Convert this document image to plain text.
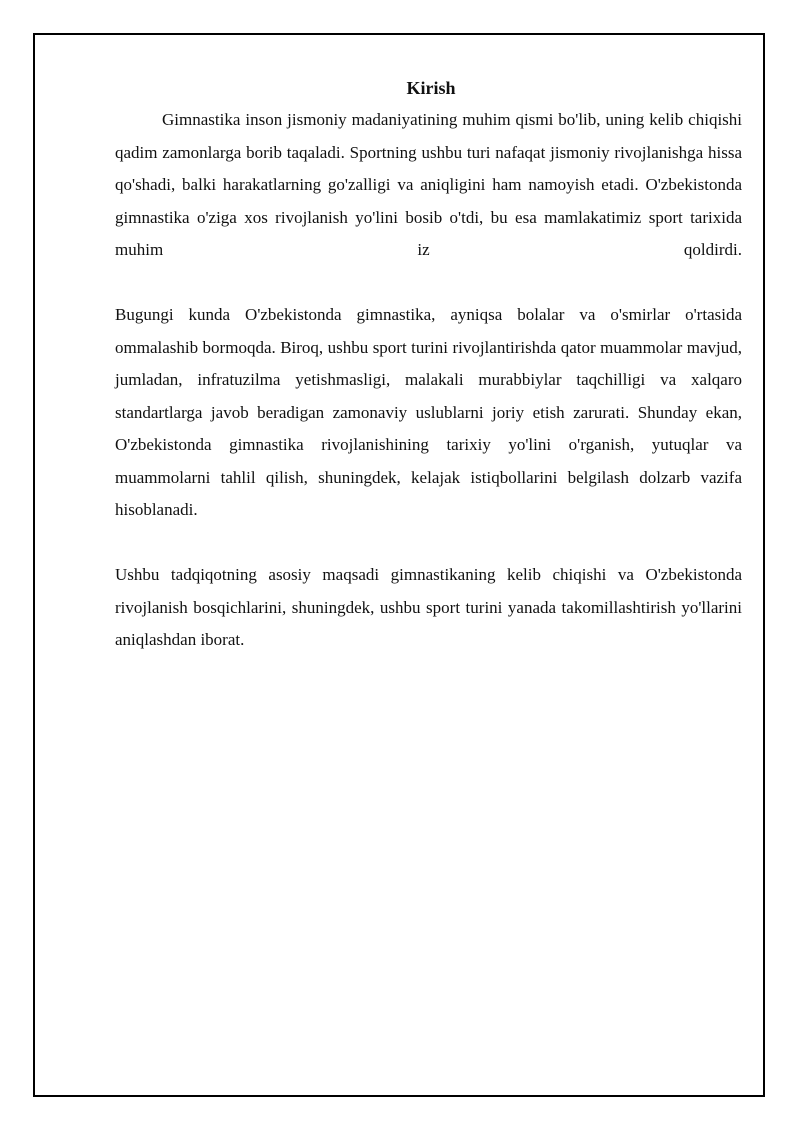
Kirish

Gimnastika inson jismoniy madaniyatining muhim qismi bo'lib, uning kelib chiqishi qadim zamonlarga borib taqaladi. Sportning ushbu turi nafaqat jismoniy rivojlanishga hissa qo'shadi, balki harakatlarning go'zalligi va aniqligini ham namoyish etadi. O'zbekistonda gimnastika o'ziga xos rivojlanish yo'lini bosib o'tdi, bu esa mamlakatimiz sport tarixida muhim iz qoldirdi.

Bugungi kunda O'zbekistonda gimnastika, ayniqsa bolalar va o'smirlar o'rtasida ommalashib bormoqda. Biroq, ushbu sport turini rivojlantirishda qator muammolar mavjud, jumladan, infratuzilma yetishmasligi, malakali murabbiylar taqchilligi va xalqaro standartlarga javob beradigan zamonaviy uslublarni joriy etish zarurati. Shunday ekan, O'zbekistonda gimnastika rivojlanishining tarixiy yo'lini o'rganish, yutuqlar va muammolarni tahlil qilish, shuningdek, kelajak istiqbollarini belgilash dolzarb vazifa hisoblanadi.

Ushbu tadqiqotning asosiy maqsadi gimnastikaning kelib chiqishi va O'zbekistonda rivojlanish bosqichlarini, shuningdek, ushbu sport turini yanada takomillashtirish yo'llarini aniqlashdan iborat.
